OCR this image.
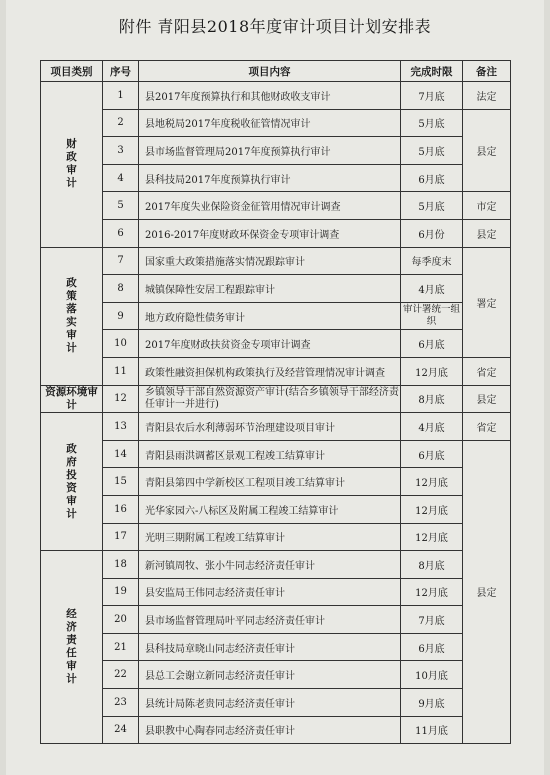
附件 青阳县2018年度审计项目计划安排表
项目类别	序号	项目内容	完成时限	备注

财政审计	1	县2017年度预算执行和其他财政收支审计	7月底	法定
	2	县地税局2017年度税收征管情况审计	5月底	县定
	3	县市场监督管理局2017年度预算执行审计	5月底	
	4	县科技局2017年度预算执行审计	6月底	
	5	2017年度失业保险资金征管用情况审计调查	5月底	市定
	6	2016-2017年度财政环保资金专项审计调查	6月份	县定

政策落实审计	7	国家重大政策措施落实情况跟踪审计	每季度末	署定
	8	城镇保障性安居工程跟踪审计	4月底	
	9	地方政府隐性债务审计	审计署统一组织	
	10	2017年度财政扶贫资金专项审计调查	6月底	
	11	政策性融资担保机构政策执行及经营管理情况审计调查	12月底	省定
资源环境审计	12	乡镇领导干部自然资源资产审计(结合乡镇领导干部经济责任审计一并进行)	8月底	县定

政府投资审计	13	青阳县农后水利薄弱环节治理建设项目审计	4月底	省定
	14	青阳县雨洪调蓄区景观工程竣工结算审计	6月底	县定
	15	青阳县第四中学新校区工程项目竣工结算审计	12月底	
	16	光华家园六-八标区及附属工程竣工结算审计	12月底	
	17	光明三期附属工程竣工结算审计	12月底	

经济责任审计	18	新河镇周牧、张小牛同志经济责任审计	8月底	
	19	县安监局王伟同志经济责任审计	12月底	
	20	县市场监督管理局叶平同志经济责任审计	7月底	
	21	县科技局章晓山同志经济责任审计	6月底	
	22	县总工会谢立新同志经济责任审计	10月底	
	23	县统计局陈老贵同志经济责任审计	9月底	
	24	县职教中心陶春同志经济责任审计	11月底	
